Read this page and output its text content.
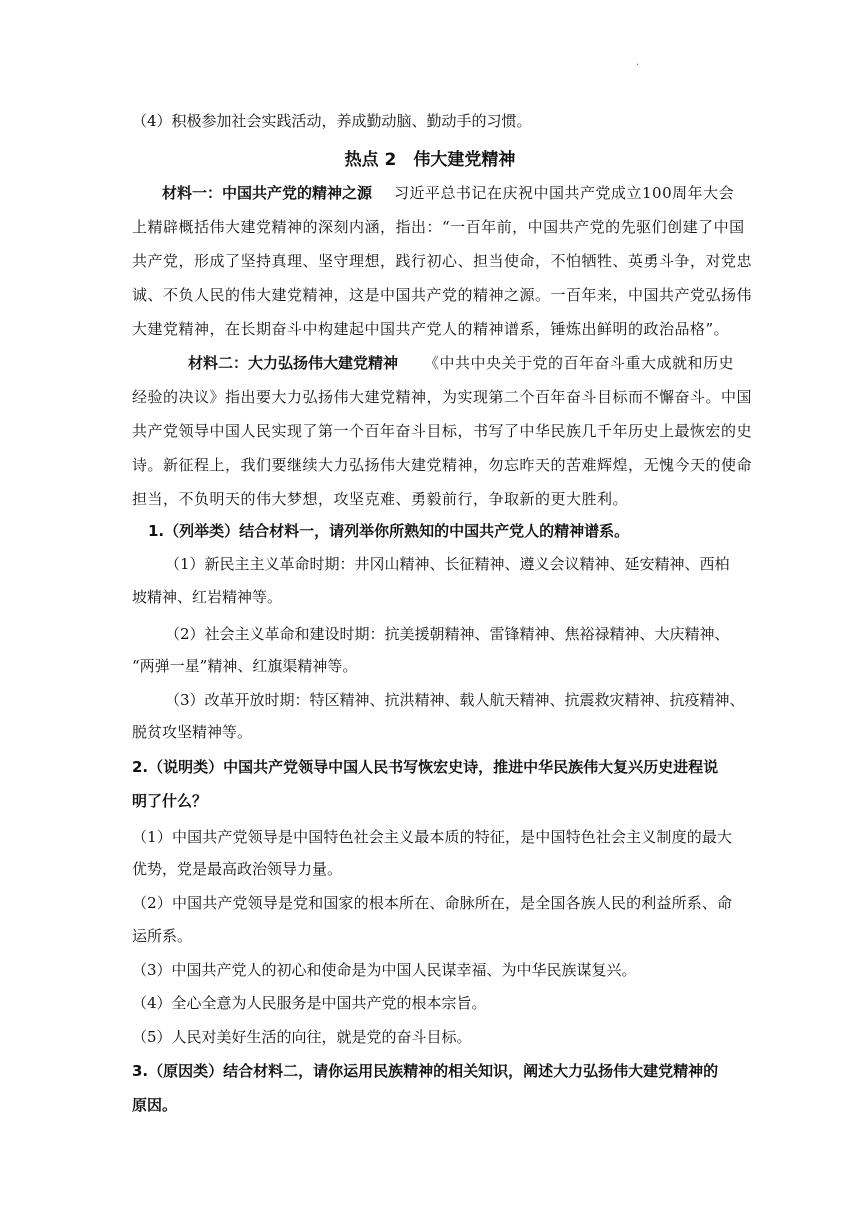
·
（4）积极参加社会实践活动，养成勤动脑、勤动手的习惯。
热点 2　伟大建党精神
材料一：中国共产党的精神之源 习近平总书记在庆祝中国共产党成立100周年大会
上精辟概括伟大建党精神的深刻内涵，指出：“一百年前，中国共产党的先驱们创建了中国
共产党，形成了坚持真理、坚守理想，践行初心、担当使命，不怕牺牲、英勇斗争，对党忠
诚、不负人民的伟大建党精神，这是中国共产党的精神之源。一百年来，中国共产党弘扬伟
大建党精神，在长期奋斗中构建起中国共产党人的精神谱系，锤炼出鲜明的政治品格”。
材料二：大力弘扬伟大建党精神 《中共中央关于党的百年奋斗重大成就和历史
经验的决议》指出要大力弘扬伟大建党精神，为实现第二个百年奋斗目标而不懈奋斗。中国
共产党领导中国人民实现了第一个百年奋斗目标，书写了中华民族几千年历史上最恢宏的史
诗。新征程上，我们要继续大力弘扬伟大建党精神，勿忘昨天的苦难辉煌，无愧今天的使命
担当，不负明天的伟大梦想，攻坚克难、勇毅前行，争取新的更大胜利。
1.（列举类）结合材料一，请列举你所熟知的中国共产党人的精神谱系。
（1）新民主主义革命时期：井冈山精神、长征精神、遵义会议精神、延安精神、西柏
坡精神、红岩精神等。
（2）社会主义革命和建设时期：抗美援朝精神、雷锋精神、焦裕禄精神、大庆精神、
“两弹一星”精神、红旗渠精神等。
（3）改革开放时期：特区精神、抗洪精神、载人航天精神、抗震救灾精神、抗疫精神、
脱贫攻坚精神等。
2.（说明类）中国共产党领导中国人民书写恢宏史诗，推进中华民族伟大复兴历史进程说
明了什么？
（1）中国共产党领导是中国特色社会主义最本质的特征，是中国特色社会主义制度的最大
优势，党是最高政治领导力量。
（2）中国共产党领导是党和国家的根本所在、命脉所在，是全国各族人民的利益所系、命
运所系。
（3）中国共产党人的初心和使命是为中国人民谋幸福、为中华民族谋复兴。
（4）全心全意为人民服务是中国共产党的根本宗旨。
（5）人民对美好生活的向往，就是党的奋斗目标。
3.（原因类）结合材料二，请你运用民族精神的相关知识，阐述大力弘扬伟大建党精神的
原因。
